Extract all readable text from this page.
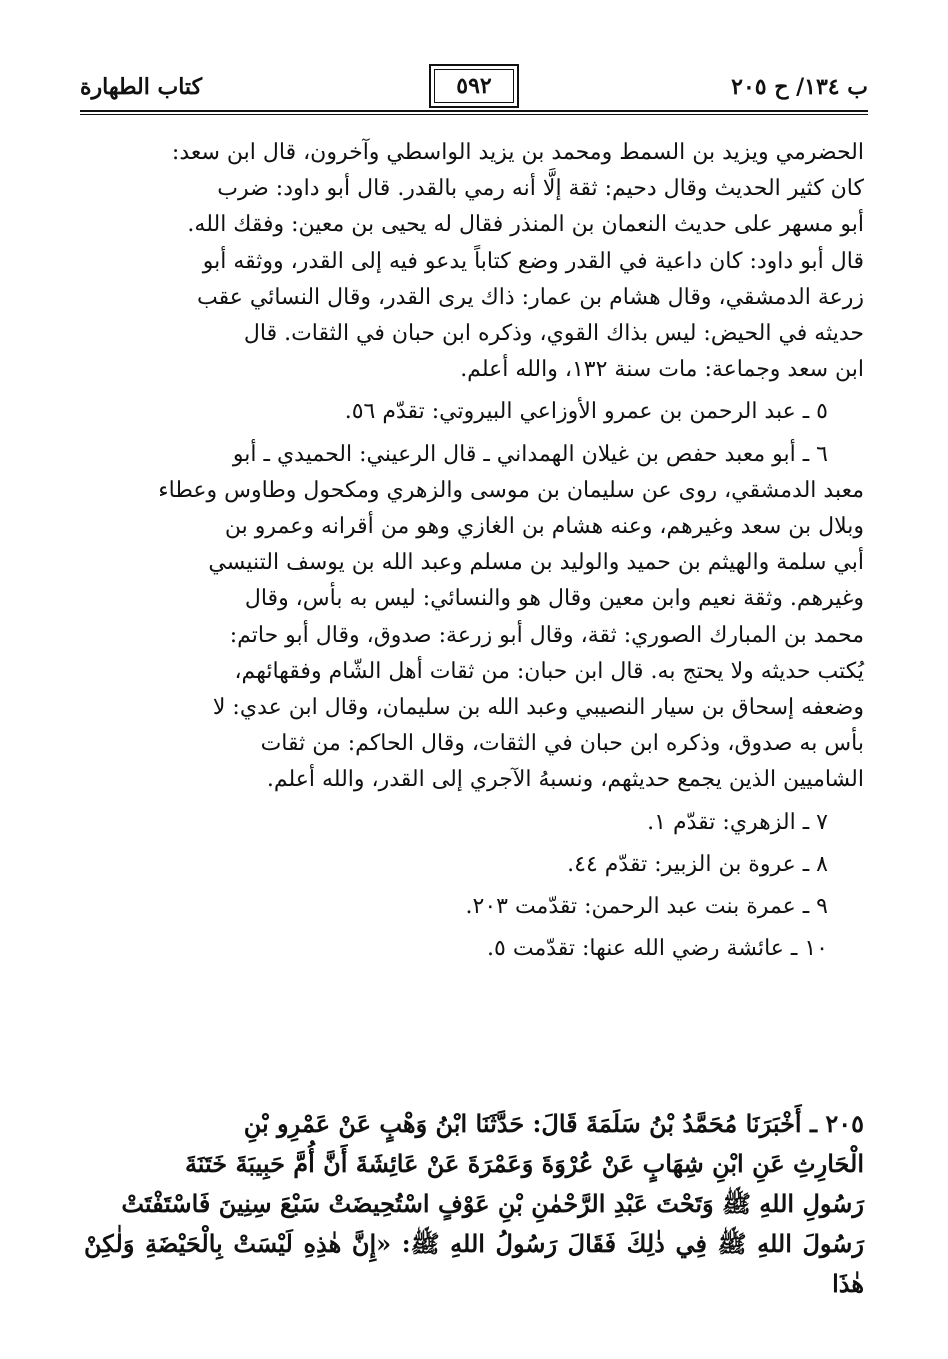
ب ١٣٤/ ح ٢٠٥
٥٩٢
كتاب الطهارة
الحضرمي ويزيد بن السمط ومحمد بن يزيد الواسطي وآخرون، قال ابن سعد:
كان كثير الحديث وقال دحيم: ثقة إلَّا أنه رمي بالقدر. قال أبو داود: ضرب
أبو مسهر على حديث النعمان بن المنذر فقال له يحيى بن معين: وفقك الله.
قال أبو داود: كان داعية في القدر وضع كتاباً يدعو فيه إلى القدر، ووثقه أبو
زرعة الدمشقي، وقال هشام بن عمار: ذاك يرى القدر، وقال النسائي عقب
حديثه في الحيض: ليس بذاك القوي، وذكره ابن حبان في الثقات. قال
ابن سعد وجماعة: مات سنة ١٣٢، والله أعلم.
٥ ـ عبد الرحمن بن عمرو الأوزاعي البيروتي: تقدّم ٥٦.
٦ ـ أبو معبد حفص بن غيلان الهمداني ـ قال الرعيني: الحميدي ـ أبو
معبد الدمشقي، روى عن سليمان بن موسى والزهري ومكحول وطاوس وعطاء
وبلال بن سعد وغيرهم، وعنه هشام بن الغازي وهو من أقرانه وعمرو بن
أبي سلمة والهيثم بن حميد والوليد بن مسلم وعبد الله بن يوسف التنيسي
وغيرهم. وثقة نعيم وابن معين وقال هو والنسائي: ليس به بأس، وقال
محمد بن المبارك الصوري: ثقة، وقال أبو زرعة: صدوق، وقال أبو حاتم:
يُكتب حديثه ولا يحتج به. قال ابن حبان: من ثقات أهل الشّام وفقهائهم،
وضعفه إسحاق بن سيار النصيبي وعبد الله بن سليمان، وقال ابن عدي: لا
بأس به صدوق، وذكره ابن حبان في الثقات، وقال الحاكم: من ثقات
الشاميين الذين يجمع حديثهم، ونسبهُ الآجري إلى القدر، والله أعلم.
٧ ـ الزهري: تقدّم ١.
٨ ـ عروة بن الزبير: تقدّم ٤٤.
٩ ـ عمرة بنت عبد الرحمن: تقدّمت ٢٠٣.
١٠ ـ عائشة رضي الله عنها: تقدّمت ٥.
٢٠٥ ـ أَخْبَرَنَا مُحَمَّدُ بْنُ سَلَمَةَ قَالَ: حَدَّثَنَا ابْنُ وَهْبٍ عَنْ عَمْرِو بْنِ
الْحَارِثِ عَنِ ابْنِ شِهَابٍ عَنْ عُرْوَةَ وَعَمْرَةَ عَنْ عَائِشَةَ أَنَّ أُمَّ حَبِيبَةَ خَتَنَةَ
رَسُولِ اللهِ ﷺ وَتَحْتَ عَبْدِ الرَّحْمٰنِ بْنِ عَوْفٍ اسْتُحِيضَتْ سَبْعَ سِنِينَ فَاسْتَفْتَتْ
رَسُولَ اللهِ ﷺ فِي ذٰلِكَ فَقَالَ رَسُولُ اللهِ ﷺ: «إِنَّ هٰذِهِ لَيْسَتْ بِالْحَيْضَةِ وَلٰكِنْ هٰذَا
